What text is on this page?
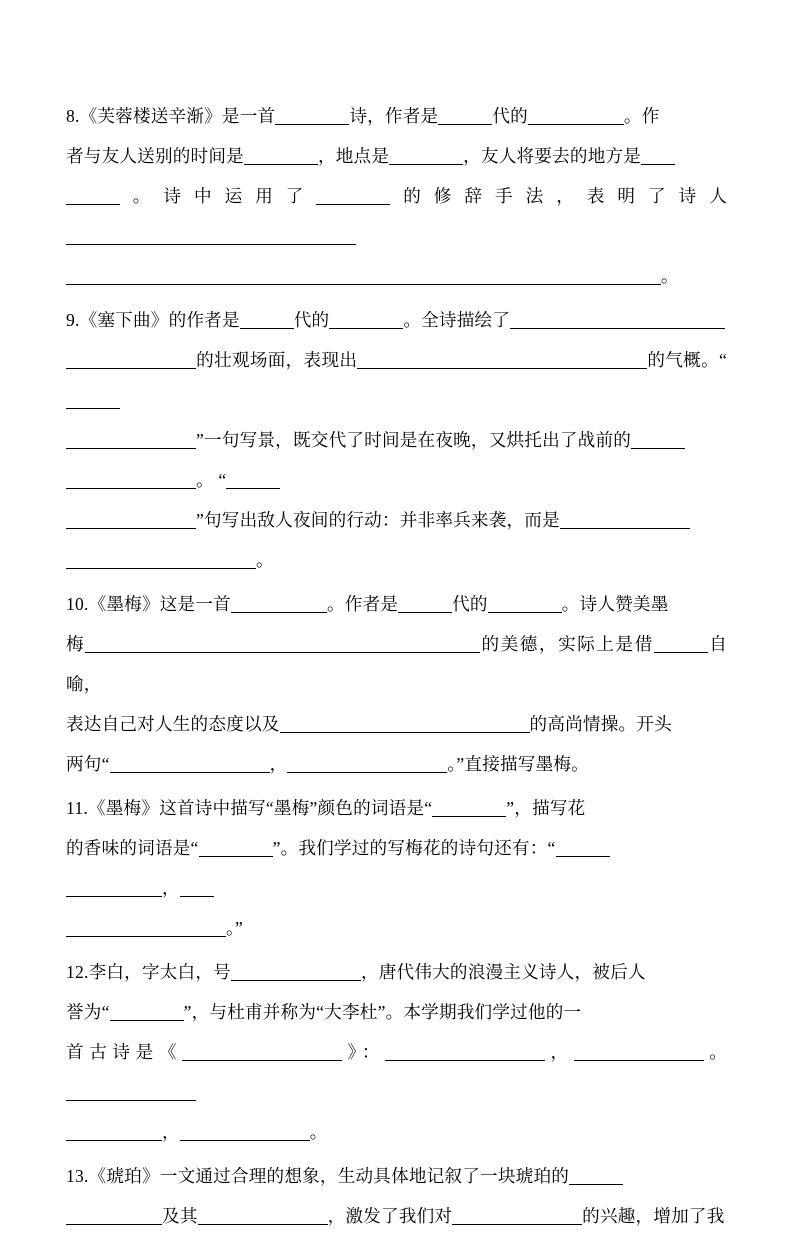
8.《芙蓉楼送辛渐》是一首	诗，作者是	代的	。作
者与友人送别的时间是	，地点是	，友人将要去的地方是
。诗中运用了	的修辞手法，表明了诗人
。

9.《塞下曲》的作者是	代的	。全诗描绘了
的壮观场面，表现出	的气概。“
”一句写景，既交代了时间是在夜晚，又烘托出了战前的
。 “
”句写出敌人夜间的行动：并非率兵来袭，而是
。

10.《墨梅》这是一首	。作者是	代的	。诗人赞美墨
梅	的美德，实际上是借	自喻，
表达自己对人生的态度以及	的高尚情操。开头
两句“	，	。”直接描写墨梅。

11.《墨梅》这首诗中描写“墨梅”颜色的词语是“	”，描写花
的香味的词语是“	”。我们学过的写梅花的诗句还有：“
，
。”

12.李白，字太白，号	，唐代伟大的浪漫主义诗人，被后人
誉为“	”，与杜甫并称为“大李杜”。本学期我们学过他的一
首古诗是《	》：	，	。
，	。

13.《琥珀》一文通过合理的想象，生动具体地记叙了一块琥珀的
及其	，激发了我们对	的兴趣，增加了我
